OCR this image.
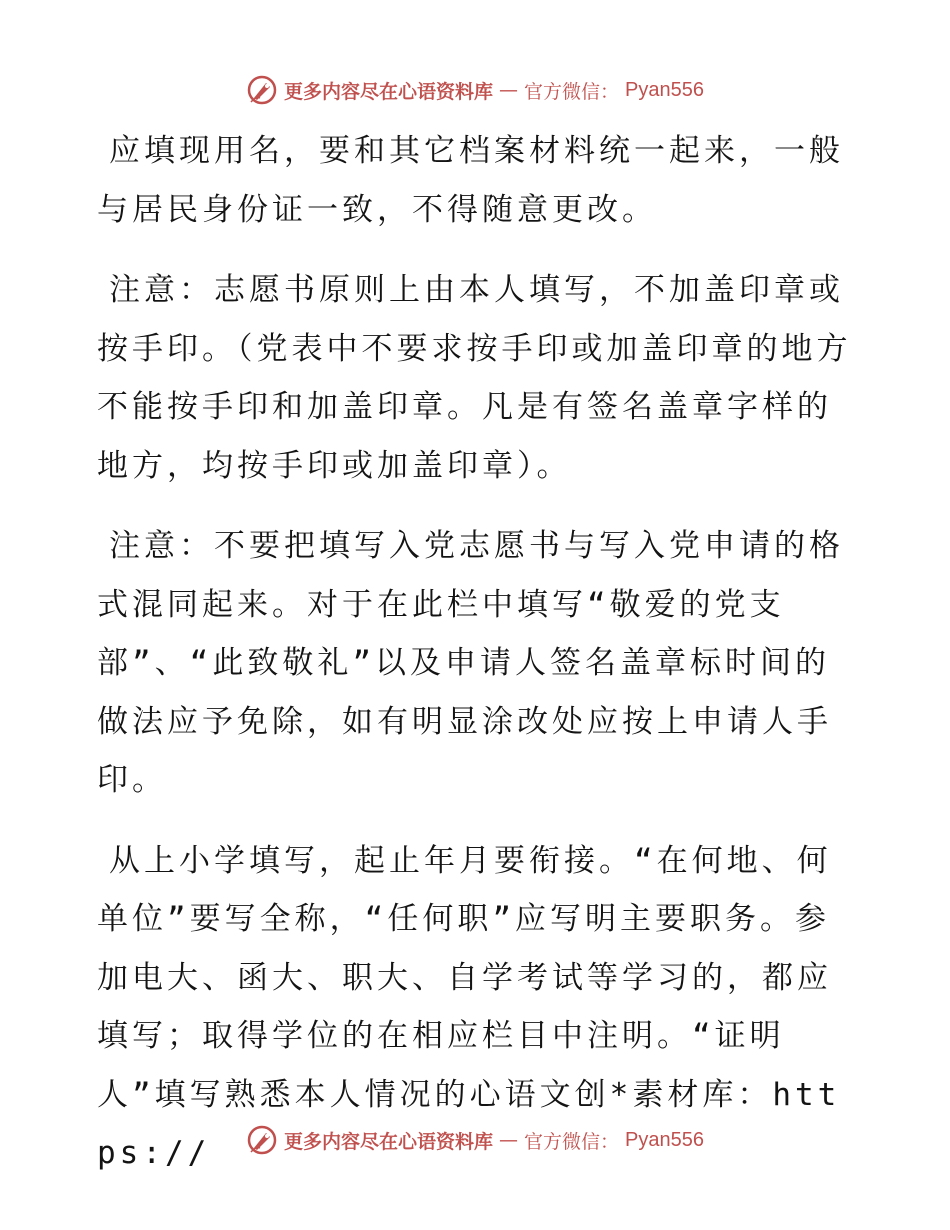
更多内容尽在心语资料库 — 官方微信： Pyan556

应填现用名，要和其它档案材料统一起来，一般与居民身份证一致，不得随意更改。

注意：志愿书原则上由本人填写，不加盖印章或按手印。（党表中不要求按手印或加盖印章的地方不能按手印和加盖印章。凡是有签名盖章字样的地方，均按手印或加盖印章）。

注意：不要把填写入党志愿书与写入党申请的格式混同起来。对于在此栏中填写“敬爱的党支部”、“此致敬礼”以及申请人签名盖章标时间的做法应予免除，如有明显涂改处应按上申请人手印。

从上小学填写，起止年月要衔接。“在何地、何单位”要写全称，“任何职”应写明主要职务。参加电大、函大、职大、自学考试等学习的，都应填写；取得学位的在相应栏目中注明。“证明人”填写熟悉本人情况的心语文创*素材库：https://	更多内容尽在心语资料库 — 官方微信： Pyan556
